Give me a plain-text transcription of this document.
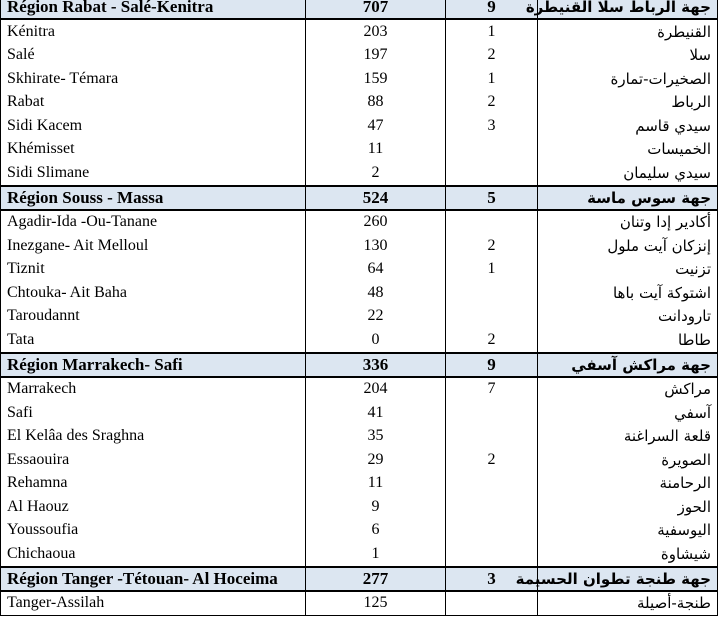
Région Rabat - Salé-Kenitra	707	9	جهة الرباط سلا القنيطرة
Kénitra	203	1	القنيطرة
Salé	197	2	سلا
Skhirate- Témara	159	1	الصخيرات-تمارة
Rabat	88	2	الرباط
Sidi Kacem	47	3	سيدي قاسم
Khémisset	11		الخميسات
Sidi Slimane	2		سيدي سليمان
Région Souss - Massa	524	5	جهة سوس ماسة
Agadir-Ida -Ou-Tanane	260		أكادير إدا وتنان
Inezgane- Ait Melloul	130	2	إنزكان آيت ملول
Tiznit	64	1	تزنيت
Chtouka- Ait Baha	48		اشتوكة آيت باها
Taroudannt	22		تارودانت
Tata	0	2	طاطا
Région Marrakech- Safi	336	9	جهة مراكش آسفي
Marrakech	204	7	مراكش
Safi	41		آسفي
El Kelâa des Sraghna	35		قلعة السراغنة
Essaouira	29	2	الصويرة
Rehamna	11		الرحامنة
Al Haouz	9		الحوز
Youssoufia	6		اليوسفية
Chichaoua	1		شيشاوة
Région Tanger -Tétouan- Al Hoceima	277	3	جهة طنجة تطوان الحسيمة
Tanger-Assilah	125		طنجة-أصيلة
